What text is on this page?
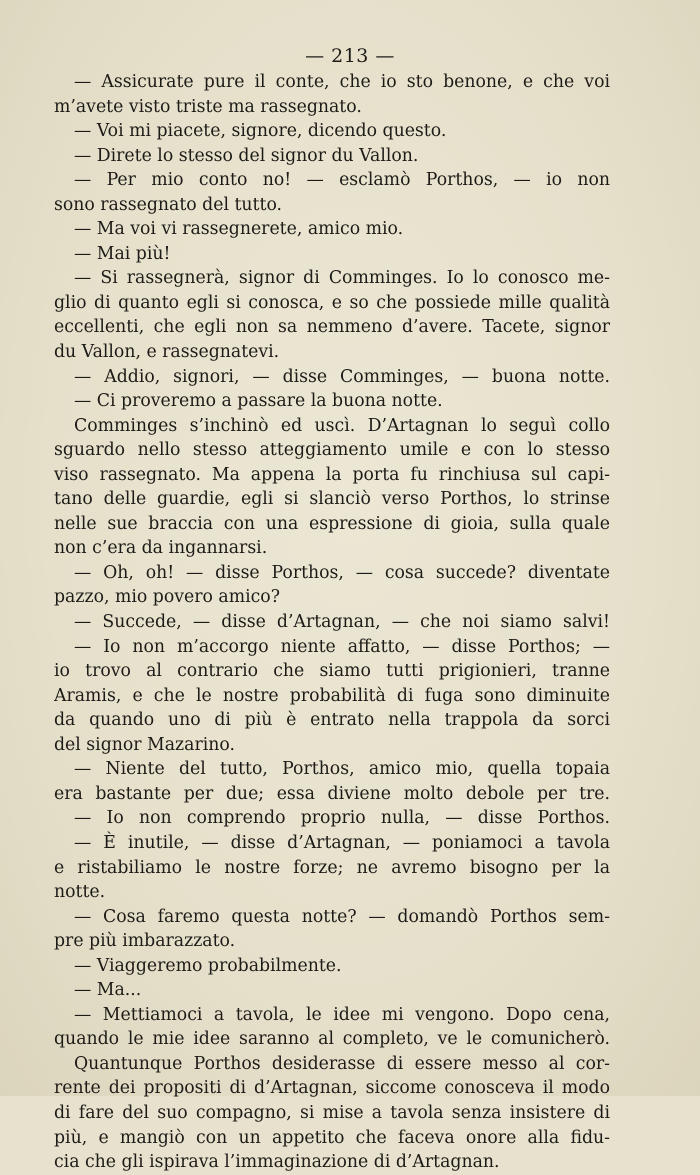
— 213 —
— Assicurate pure il conte, che io sto benone, e che voi
m’avete visto triste ma rassegnato.
— Voi mi piacete, signore, dicendo questo.
— Direte lo stesso del signor du Vallon.
— Per mio conto no! — esclamò Porthos, — io non
sono rassegnato del tutto.
— Ma voi vi rassegnerete, amico mio.
— Mai più!
— Si rassegnerà, signor di Comminges. Io lo conosco me-
glio di quanto egli si conosca, e so che possiede mille qualità
eccellenti, che egli non sa nemmeno d’avere. Tacete, signor
du Vallon, e rassegnatevi.
— Addio, signori, — disse Comminges, — buona notte.
— Ci proveremo a passare la buona notte.
Comminges s’inchinò ed uscì. D’Artagnan lo seguì collo
sguardo nello stesso atteggiamento umile e con lo stesso
viso rassegnato. Ma appena la porta fu rinchiusa sul capi-
tano delle guardie, egli si slanciò verso Porthos, lo strinse
nelle sue braccia con una espressione di gioia, sulla quale
non c’era da ingannarsi.
— Oh, oh! — disse Porthos, — cosa succede? diventate
pazzo, mio povero amico?
— Succede, — disse d’Artagnan, — che noi siamo salvi!
— Io non m’accorgo niente affatto, — disse Porthos; —
io trovo al contrario che siamo tutti prigionieri, tranne
Aramis, e che le nostre probabilità di fuga sono diminuite
da quando uno di più è entrato nella trappola da sorci
del signor Mazarino.
— Niente del tutto, Porthos, amico mio, quella topaia
era bastante per due; essa diviene molto debole per tre.
— Io non comprendo proprio nulla, — disse Porthos.
— È inutile, — disse d’Artagnan, — poniamoci a tavola
e ristabiliamo le nostre forze; ne avremo bisogno per la
notte.
— Cosa faremo questa notte? — domandò Porthos sem-
pre più imbarazzato.
— Viaggeremo probabilmente.
— Ma...
— Mettiamoci a tavola, le idee mi vengono. Dopo cena,
quando le mie idee saranno al completo, ve le comunicherò.
Quantunque Porthos desiderasse di essere messo al cor-
rente dei propositi di d’Artagnan, siccome conosceva il modo
di fare del suo compagno, si mise a tavola senza insistere di
più, e mangiò con un appetito che faceva onore alla fidu-
cia che gli ispirava l’immaginazione di d’Artagnan.
